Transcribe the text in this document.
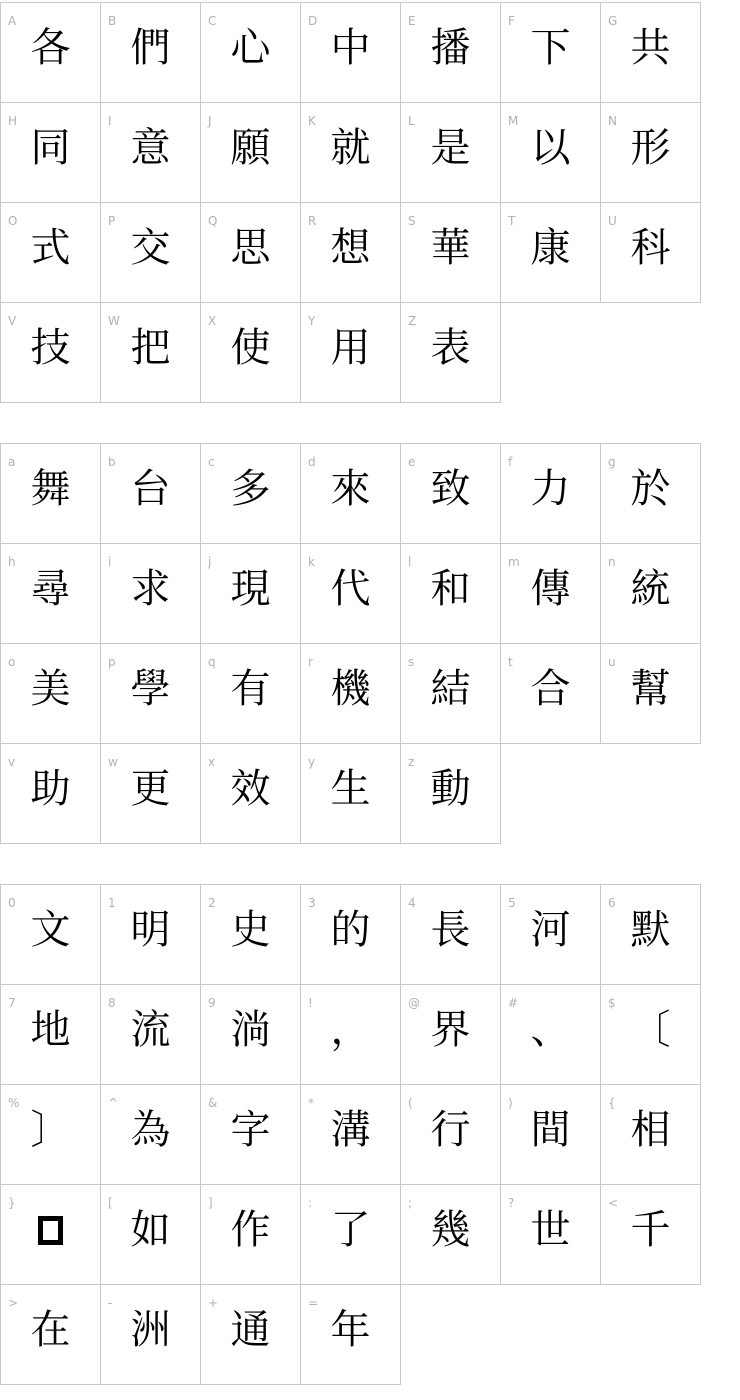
A
各
B
們
C
心
D
中
E
播
F
下
G
共
H
同
I
意
J
願
K
就
L
是
M
以
N
形
O
式
P
交
Q
思
R
想
S
華
T
康
U
科
V
技
W
把
X
使
Y
用
Z
表
a
舞
b
台
c
多
d
來
e
致
f
力
g
於
h
尋
i
求
j
現
k
代
l
和
m
傳
n
統
o
美
p
學
q
有
r
機
s
結
t
合
u
幫
v
助
w
更
x
效
y
生
z
動
0
文
1
明
2
史
3
的
4
長
5
河
6
默
7
地
8
流
9
淌
!
，
@
界
#
、
$
〔
%
〕
^
為
&
字
*
溝
(
行
)
間
{
相
}	[
如
]
作
:
了
;
幾
?
世
<
千
>
在
-
洲
+
通
=
年
